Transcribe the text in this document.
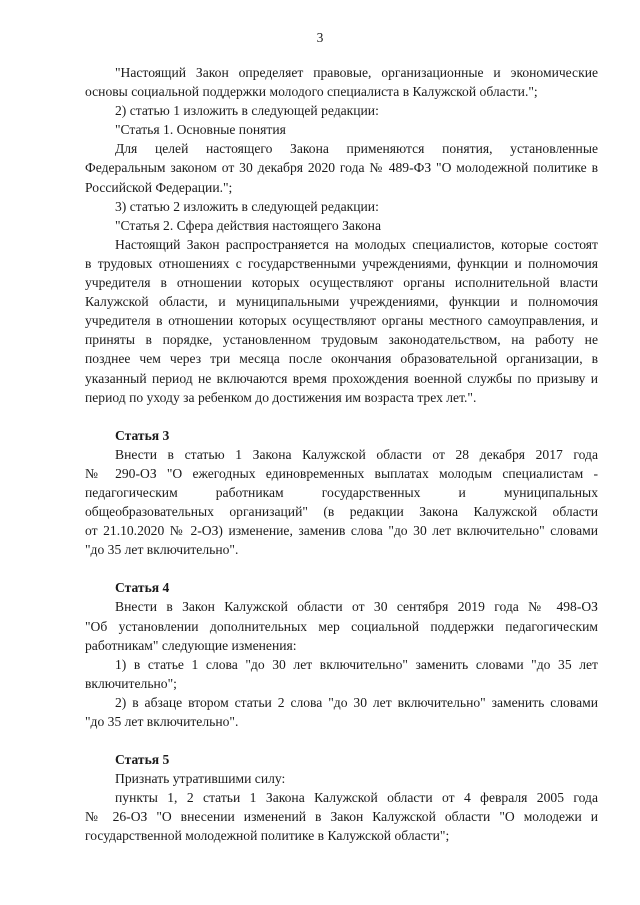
3
"Настоящий Закон определяет правовые, организационные и экономические
основы социальной поддержки молодого специалиста в Калужской области.";
2) статью 1 изложить в следующей редакции:
"Статья 1. Основные понятия
Для целей настоящего Закона применяются понятия, установленные
Федеральным законом от 30 декабря 2020 года № 489-ФЗ "О молодежной политике в
Российской Федерации.";
3) статью 2 изложить в следующей редакции:
"Статья 2. Сфера действия настоящего Закона
Настоящий Закон распространяется на молодых специалистов, которые состоят
в трудовых отношениях с государственными учреждениями, функции и полномочия
учредителя в отношении которых осуществляют органы исполнительной власти
Калужской области, и муниципальными учреждениями, функции и полномочия
учредителя в отношении которых осуществляют органы местного самоуправления, и
приняты в порядке, установленном трудовым законодательством, на работу не
позднее чем через три месяца после окончания образовательной организации, в
указанный период не включаются время прохождения военной службы по призыву и
период по уходу за ребенком до достижения им возраста трех лет.".
Статья 3
Внести в статью 1 Закона Калужской области от 28 декабря 2017 года
№ 290-ОЗ "О ежегодных единовременных выплатах молодым специалистам -
педагогическим работникам государственных и муниципальных
общеобразовательных организаций" (в редакции Закона Калужской области
от 21.10.2020 № 2-ОЗ) изменение, заменив слова "до 30 лет включительно" словами
"до 35 лет включительно".
Статья 4
Внести в Закон Калужской области от 30 сентября 2019 года № 498-ОЗ
"Об установлении дополнительных мер социальной поддержки педагогическим
работникам" следующие изменения:
1) в статье 1 слова "до 30 лет включительно" заменить словами "до 35 лет
включительно";
2) в абзаце втором статьи 2 слова "до 30 лет включительно" заменить словами
"до 35 лет включительно".
Статья 5
Признать утратившими силу:
пункты 1, 2 статьи 1 Закона Калужской области от 4 февраля 2005 года
№ 26-ОЗ "О внесении изменений в Закон Калужской области "О молодежи и
государственной молодежной политике в Калужской области";
